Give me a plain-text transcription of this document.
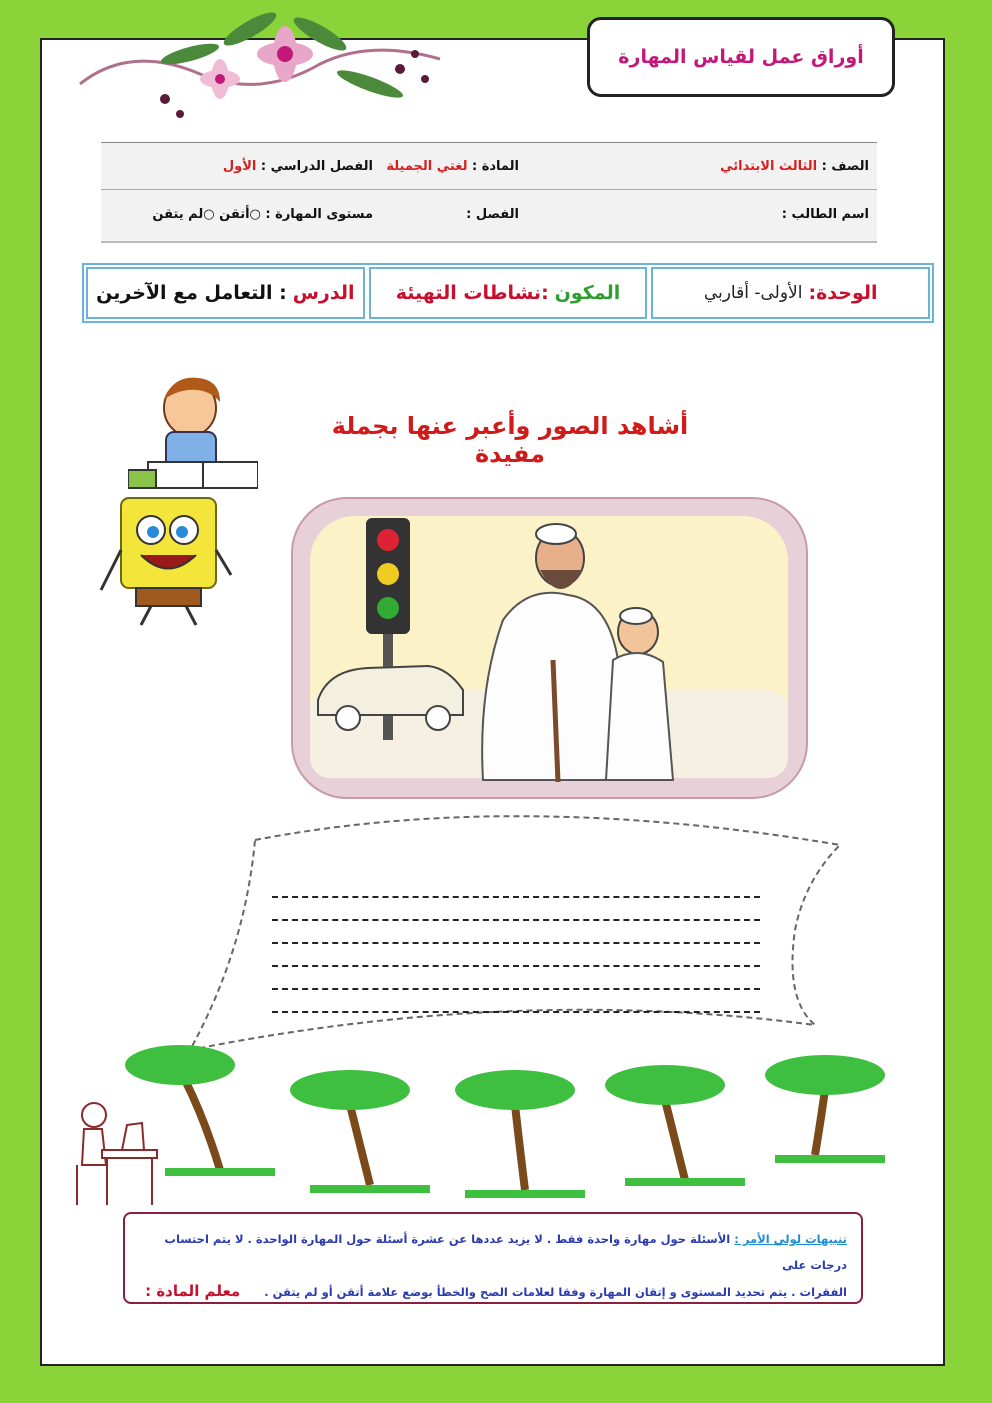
أوراق عمل لقياس المهارة
الصف : الثالث الابتدائي
المادة : لغتي الجميلة
الفصل الدراسي : الأول
اسم الطالب :
الفصل :
مستوى المهارة : ○أتقن ○لم يتقن
الوحدة:
الأولى- أقاربي
المكون
:نشاطات التهيئة
الدرس
: التعامل مع الآخرين
أشاهد الصور وأعبر عنها بجملة مفيدة
تنبيهات لولي الأمر : الأسئلة حول مهارة واحدة فقط . لا يزيد عددها عن عشرة أسئلة حول المهارة الواحدة . لا يتم احتساب درجات على
الفقرات . يتم تحديد المستوى و إتقان المهارة وفقا لعلامات الصح والخطأ بوضع علامة أتقن أو لم يتقن . معلم المادة :
